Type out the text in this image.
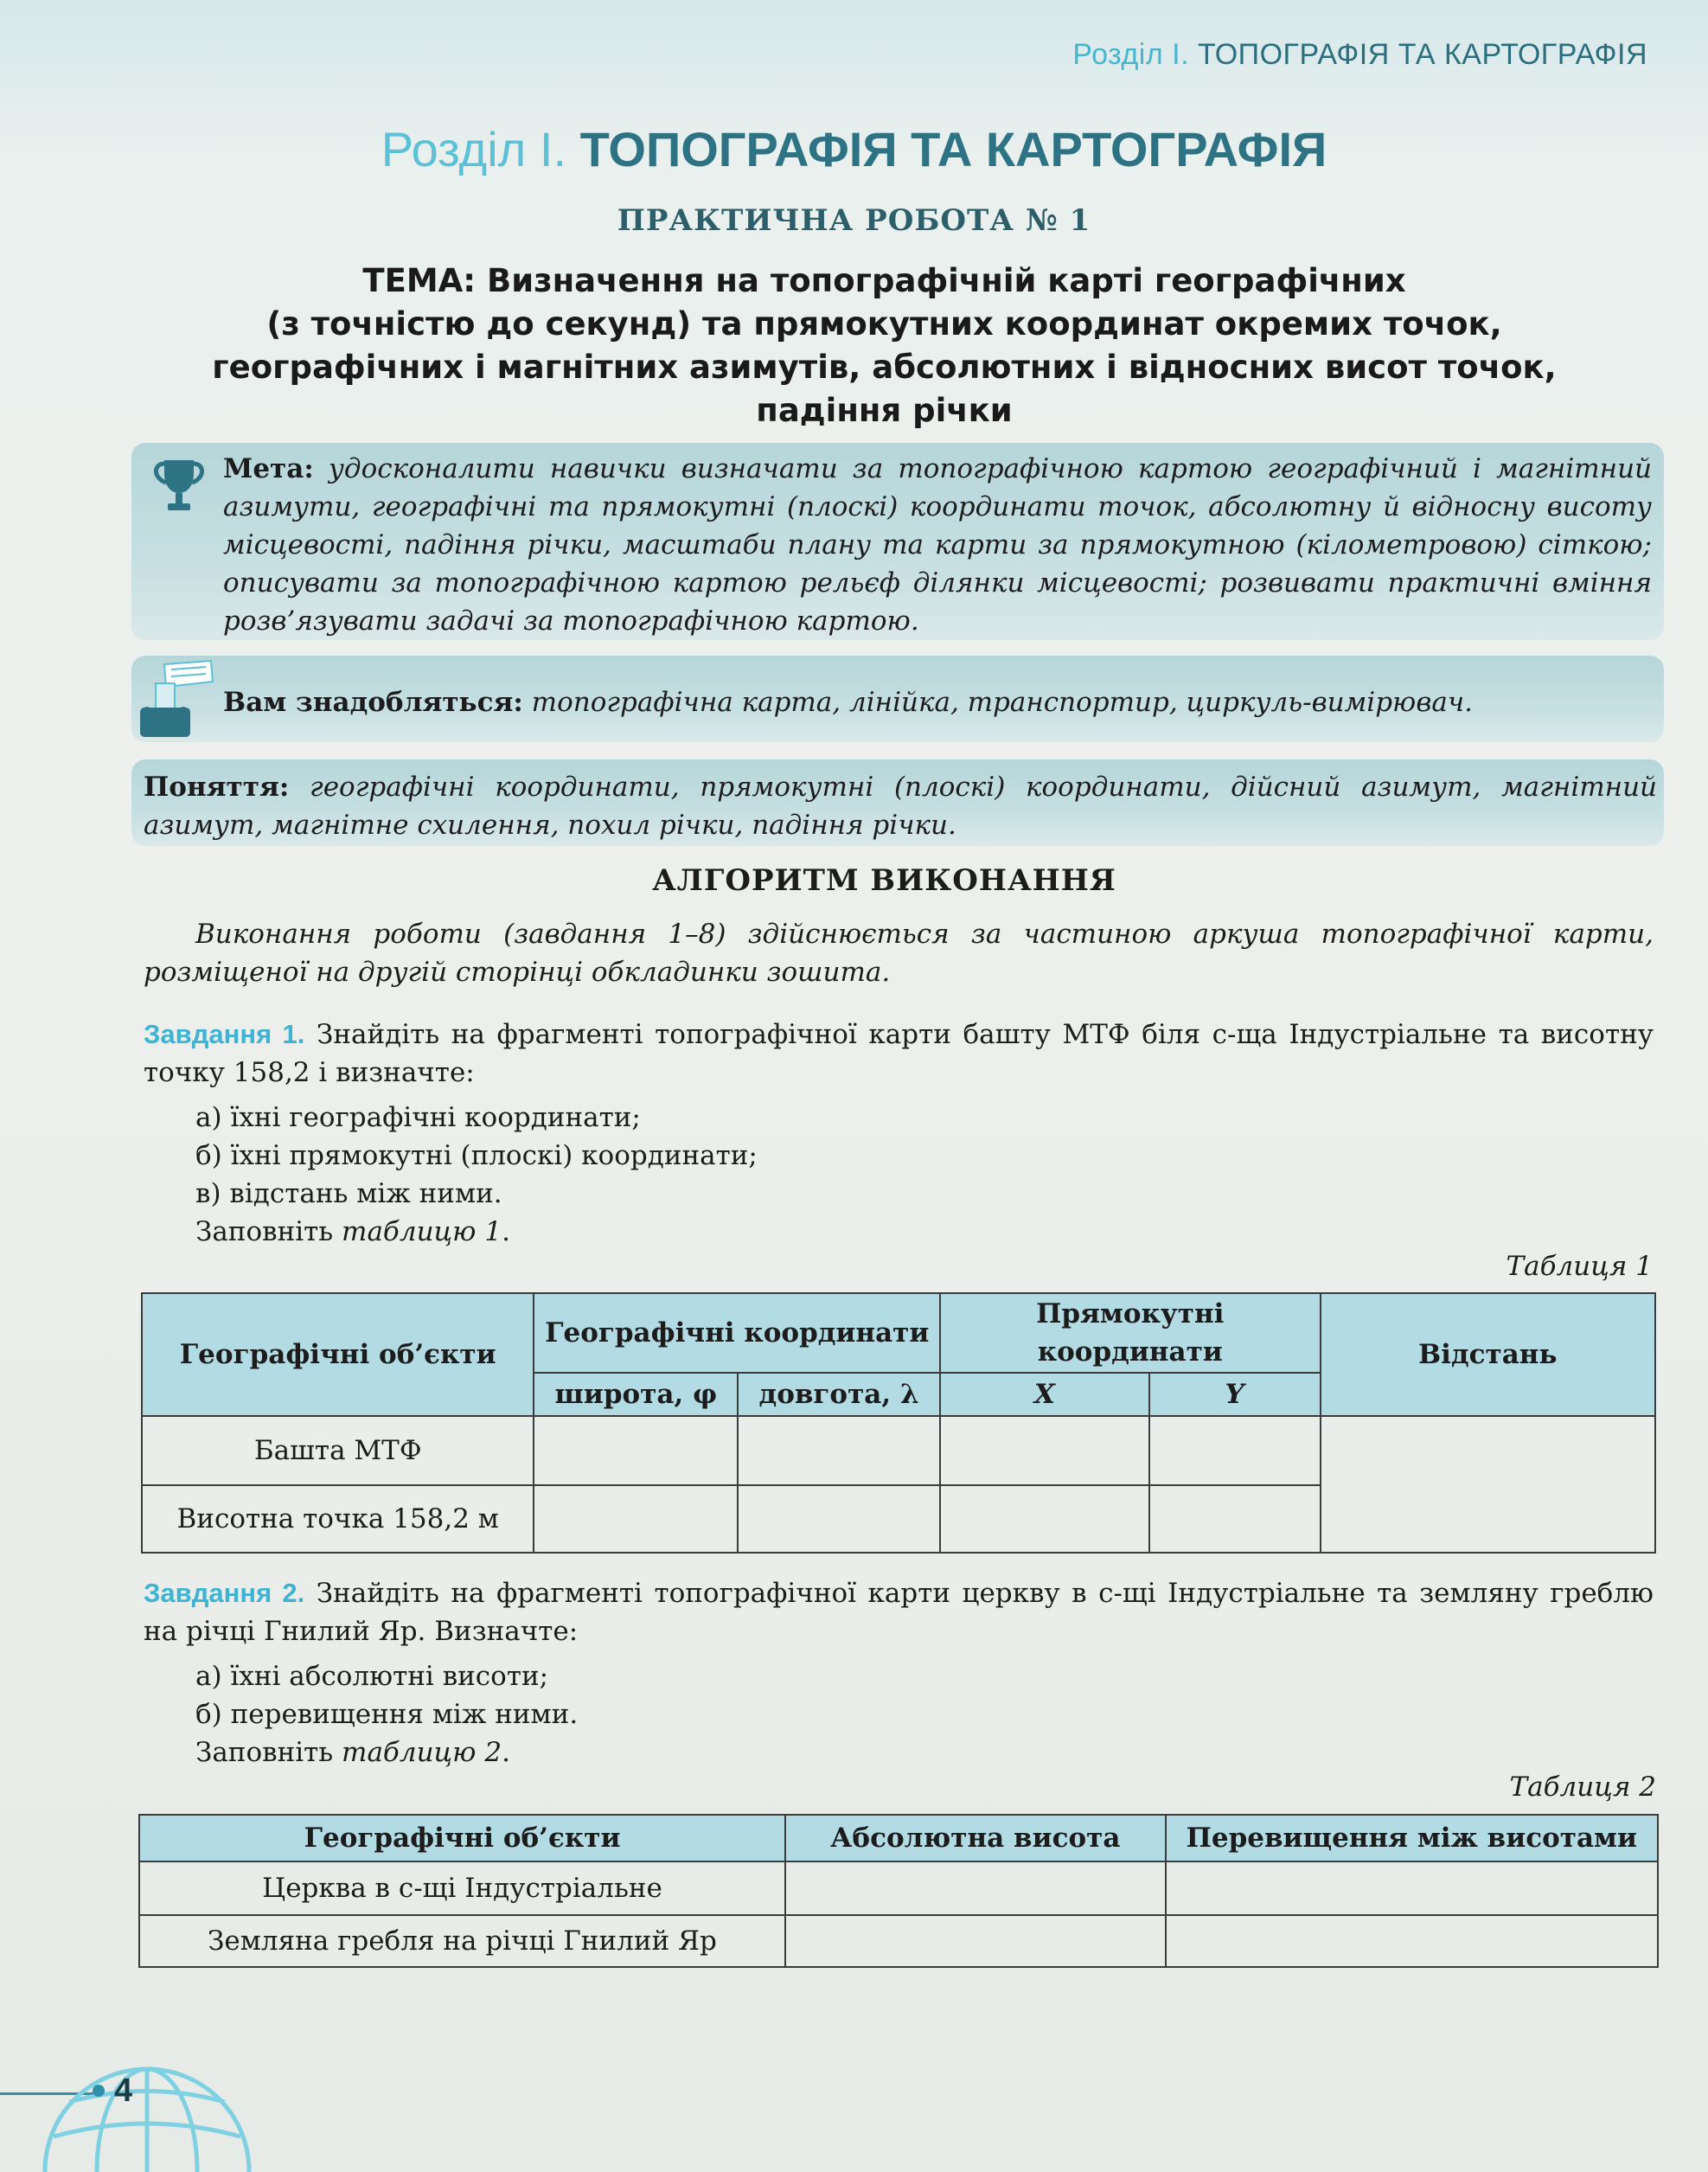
Розділ І. ТОПОГРАФІЯ ТА КАРТОГРАФІЯ
Розділ І. ТОПОГРАФІЯ ТА КАРТОГРАФІЯ
ПРАКТИЧНА РОБОТА № 1
ТЕМА: Визначення на топографічній карті географічних
(з точністю до секунд) та прямокутних координат окремих точок,
географічних і магнітних азимутів, абсолютних і відносних висот точок,
падіння річки
Мета: удосконалити навички визначати за топографічною картою географічний і магнітний азимути, географічні та прямокутні (плоскі) координати точок, абсолютну й відносну висоту місцевості, падіння річки, масштаби плану та карти за прямокутною (кілометровою) сіткою; описувати за топографічною картою рельєф ділянки місцевості; розвивати практичні вміння розв’язувати задачі за топографічною картою.
Вам знадобляться: топографічна карта, лінійка, транспортир, циркуль-вимірювач.
Поняття: географічні координати, прямокутні (плоскі) координати, дійсний азимут, магнітний азимут, магнітне схилення, похил річки, падіння річки.
АЛГОРИТМ ВИКОНАННЯ
Виконання роботи (завдання 1–8) здійснюється за частиною аркуша топографічної карти, розміщеної на другій сторінці обкладинки зошита.
Завдання 1. Знайдіть на фрагменті топографічної карти башту МТФ біля с-ща Індустріальне та висотну точку 158,2 і визначте:
а) їхні географічні координати;
б) їхні прямокутні (плоскі) координати;
в) відстань між ними.
Заповніть таблицю 1.
Таблиця 1
Географічні об’єкти	Географічні координати		Прямокутні координати		Відстань
	широта, φ	довгота, λ	X	Y	
Башта МТФ					
Висотна точка 158,2 м					
Завдання 2. Знайдіть на фрагменті топографічної карти церкву в с-щі Індустріальне та земляну греблю на річці Гнилий Яр. Визначте:
а) їхні абсолютні висоти;
б) перевищення між ними.
Заповніть таблицю 2.
Таблиця 2
Географічні об’єкти	Абсолютна висота	Перевищення між висотами
Церква в с-щі Індустріальне		
Земляна гребля на річці Гнилий Яр		
4
